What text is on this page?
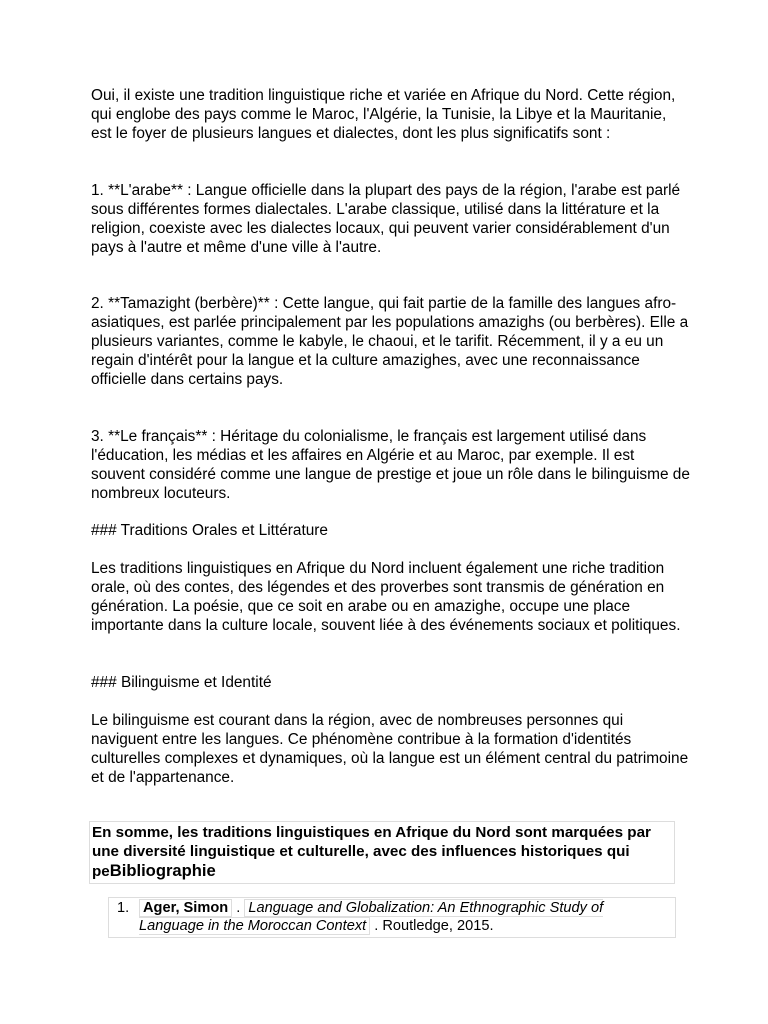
Oui, il existe une tradition linguistique riche et variée en Afrique du Nord. Cette région, qui englobe des pays comme le Maroc, l'Algérie, la Tunisie, la Libye et la Mauritanie, est le foyer de plusieurs langues et dialectes, dont les plus significatifs sont :

1. **L'arabe** : Langue officielle dans la plupart des pays de la région, l'arabe est parlé sous différentes formes dialectales. L'arabe classique, utilisé dans la littérature et la religion, coexiste avec les dialectes locaux, qui peuvent varier considérablement d'un pays à l'autre et même d'une ville à l'autre.

2. **Tamazight (berbère)** : Cette langue, qui fait partie de la famille des langues afro-asiatiques, est parlée principalement par les populations amazighs (ou berbères). Elle a plusieurs variantes, comme le kabyle, le chaoui, et le tarifit. Récemment, il y a eu un regain d'intérêt pour la langue et la culture amazighes, avec une reconnaissance officielle dans certains pays.

3. **Le français** : Héritage du colonialisme, le français est largement utilisé dans l'éducation, les médias et les affaires en Algérie et au Maroc, par exemple. Il est souvent considéré comme une langue de prestige et joue un rôle dans le bilinguisme de nombreux locuteurs.

### Traditions Orales et Littérature

Les traditions linguistiques en Afrique du Nord incluent également une riche tradition orale, où des contes, des légendes et des proverbes sont transmis de génération en génération. La poésie, que ce soit en arabe ou en amazighe, occupe une place importante dans la culture locale, souvent liée à des événements sociaux et politiques.

### Bilinguisme et Identité

Le bilinguisme est courant dans la région, avec de nombreuses personnes qui naviguent entre les langues. Ce phénomène contribue à la formation d'identités culturelles complexes et dynamiques, où la langue est un élément central du patrimoine et de l'appartenance.

En somme, les traditions linguistiques en Afrique du Nord sont marquées par une diversité linguistique et culturelle, avec des influences historiques qui peBibliographie
1. Ager, Simon . Language and Globalization: An Ethnographic Study of Language in the Moroccan Context . Routledge, 2015.
